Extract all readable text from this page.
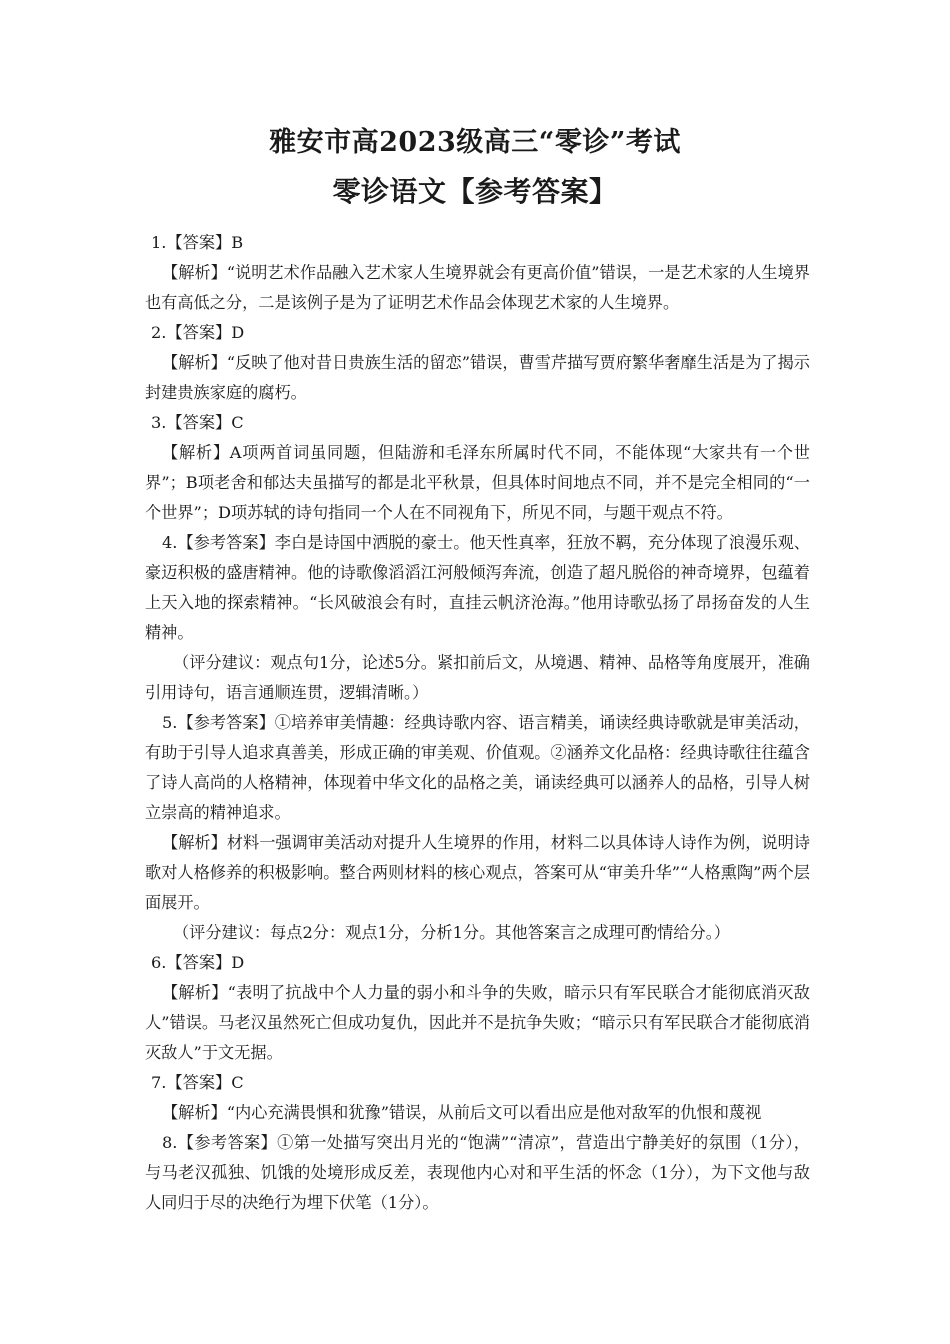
雅安市高2023级高三“零诊”考试
零诊语文【参考答案】

1.【答案】B

【解析】“说明艺术作品融入艺术家人生境界就会有更高价值”错误，一是艺术家的人生境界也有高低之分，二是该例子是为了证明艺术作品会体现艺术家的人生境界。

2.【答案】D

【解析】“反映了他对昔日贵族生活的留恋”错误，曹雪芹描写贾府繁华奢靡生活是为了揭示封建贵族家庭的腐朽。

3.【答案】C

【解析】A项两首词虽同题，但陆游和毛泽东所属时代不同，不能体现“大家共有一个世界”；B项老舍和郁达夫虽描写的都是北平秋景，但具体时间地点不同，并不是完全相同的“一个世界”；D项苏轼的诗句指同一个人在不同视角下，所见不同，与题干观点不符。

4.【参考答案】李白是诗国中洒脱的豪士。他天性真率，狂放不羁，充分体现了浪漫乐观、豪迈积极的盛唐精神。他的诗歌像滔滔江河般倾泻奔流，创造了超凡脱俗的神奇境界，包蕴着上天入地的探索精神。“长风破浪会有时，直挂云帆济沧海。”他用诗歌弘扬了昂扬奋发的人生精神。

（评分建议：观点句1分，论述5分。紧扣前后文，从境遇、精神、品格等角度展开，准确引用诗句，语言通顺连贯，逻辑清晰。）

5.【参考答案】①培养审美情趣：经典诗歌内容、语言精美，诵读经典诗歌就是审美活动，有助于引导人追求真善美，形成正确的审美观、价值观。②涵养文化品格：经典诗歌往往蕴含了诗人高尚的人格精神，体现着中华文化的品格之美，诵读经典可以涵养人的品格，引导人树立崇高的精神追求。

【解析】材料一强调审美活动对提升人生境界的作用，材料二以具体诗人诗作为例，说明诗歌对人格修养的积极影响。整合两则材料的核心观点，答案可从“审美升华”“人格熏陶”两个层面展开。

（评分建议：每点2分：观点1分，分析1分。其他答案言之成理可酌情给分。）

6.【答案】D

【解析】“表明了抗战中个人力量的弱小和斗争的失败，暗示只有军民联合才能彻底消灭敌人”错误。马老汉虽然死亡但成功复仇，因此并不是抗争失败；“暗示只有军民联合才能彻底消灭敌人”于文无据。

7.【答案】C

【解析】“内心充满畏惧和犹豫”错误，从前后文可以看出应是他对敌军的仇恨和蔑视

8.【参考答案】①第一处描写突出月光的“饱满”“清凉”，营造出宁静美好的氛围（1分），与马老汉孤独、饥饿的处境形成反差，表现他内心对和平生活的怀念（1分），为下文他与敌人同归于尽的决绝行为埋下伏笔（1分）。
